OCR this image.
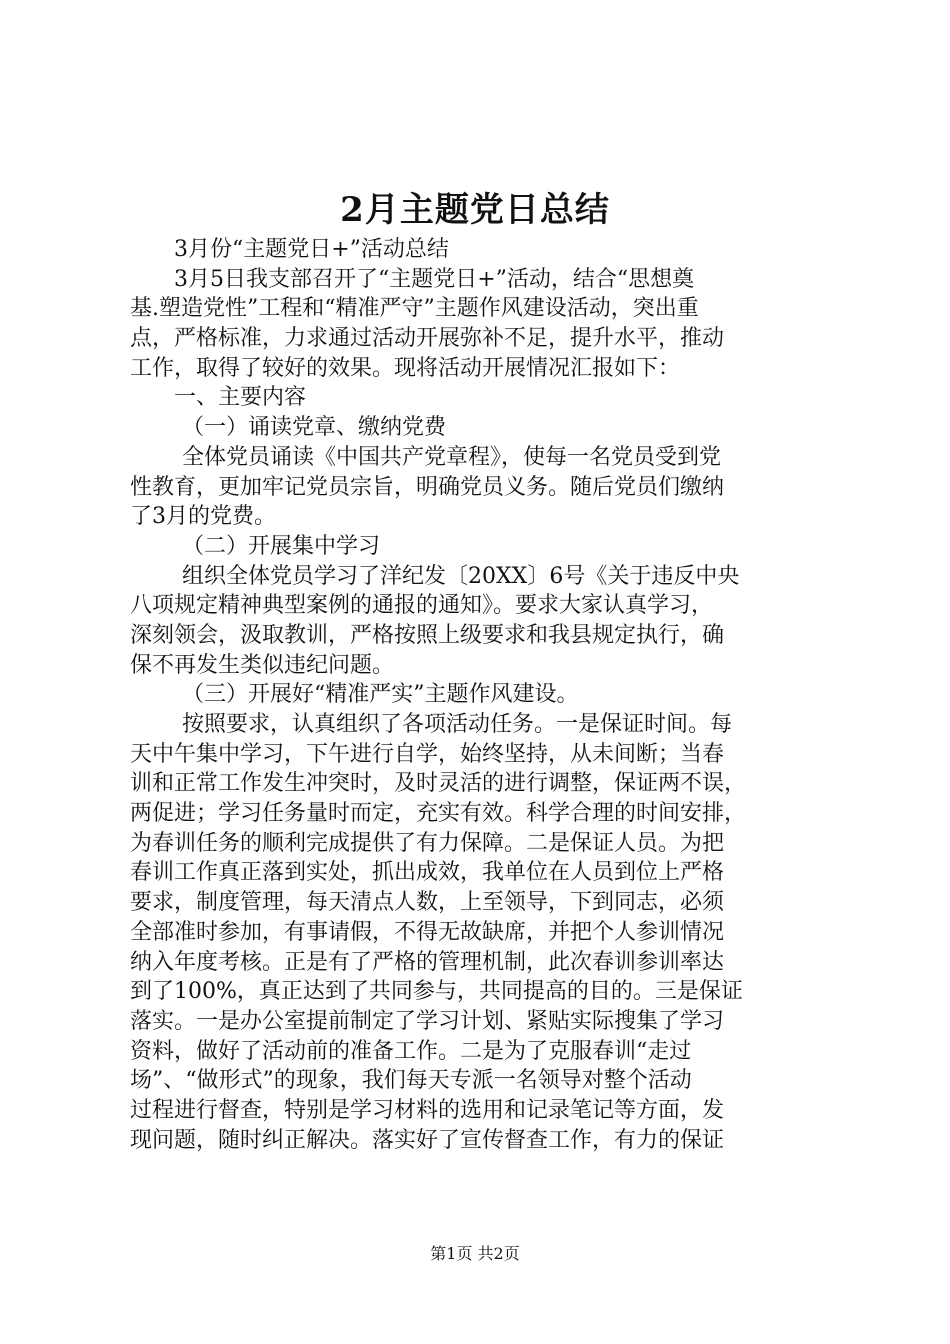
2月主题党日总结
3月份“主题党日+”活动总结
3月5日我支部召开了“主题党日+”活动，结合“思想奠
基.塑造党性”工程和“精准严守”主题作风建设活动，突出重
点，严格标准，力求通过活动开展弥补不足，提升水平，推动
工作，取得了较好的效果。现将活动开展情况汇报如下：
一、主要内容
（一）诵读党章、缴纳党费
全体党员诵读《中国共产党章程》，使每一名党员受到党
性教育，更加牢记党员宗旨，明确党员义务。随后党员们缴纳
了3月的党费。
（二）开展集中学习
组织全体党员学习了洋纪发〔20XX〕6号《关于违反中央
八项规定精神典型案例的通报的通知》。要求大家认真学习，
深刻领会，汲取教训，严格按照上级要求和我县规定执行，确
保不再发生类似违纪问题。
（三）开展好“精准严实”主题作风建设。
按照要求，认真组织了各项活动任务。一是保证时间。每
天中午集中学习，下午进行自学，始终坚持，从未间断；当春
训和正常工作发生冲突时，及时灵活的进行调整，保证两不误，
两促进；学习任务量时而定，充实有效。科学合理的时间安排，
为春训任务的顺利完成提供了有力保障。二是保证人员。为把
春训工作真正落到实处，抓出成效，我单位在人员到位上严格
要求，制度管理，每天清点人数，上至领导，下到同志，必须
全部准时参加，有事请假，不得无故缺席，并把个人参训情况
纳入年度考核。正是有了严格的管理机制，此次春训参训率达
到了100%，真正达到了共同参与，共同提高的目的。三是保证
落实。一是办公室提前制定了学习计划、紧贴实际搜集了学习
资料，做好了活动前的准备工作。二是为了克服春训“走过
场”、“做形式”的现象，我们每天专派一名领导对整个活动
过程进行督查，特别是学习材料的选用和记录笔记等方面，发
现问题，随时纠正解决。落实好了宣传督查工作，有力的保证
第1页 共2页
